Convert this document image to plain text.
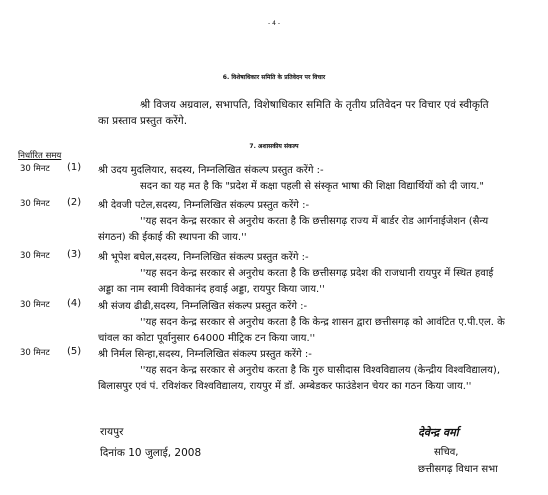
- 4 -
6. विशेषाधिकार समिति के प्रतिवेदन पर विचार
श्री विजय अग्रवाल, सभापति, विशेषाधिकार समिति के तृतीय प्रतिवेदन पर विचार एवं स्वीकृति
का प्रस्ताव प्रस्तुत करेंगे.
7. अशासकीय संकल्प
निर्धारित समय
30 मिनट (1) श्री उदय मुदलियार, सदस्य, निम्नलिखित संकल्प प्रस्तुत करेंगे :-
सदन का यह मत है कि "प्रदेश में कक्षा पहली से संस्कृत भाषा की शिक्षा विद्यार्थियों को दी जाय."
30 मिनट (2) श्री देवजी पटेल,सदस्य, निम्नलिखित संकल्प प्रस्तुत करेंगे :-
''यह सदन केन्द्र सरकार से अनुरोध करता है कि छत्तीसगढ़ राज्य में बार्डर रोड आर्गनाईजेशन (सैन्य
संगठन) की ईकाई की स्थापना की जाय.''
30 मिनट (3) श्री भूपेश बघेल,सदस्य, निम्नलिखित संकल्प प्रस्तुत करेंगे :-
''यह सदन केन्द्र सरकार से अनुरोध करता है कि छत्तीसगढ़ प्रदेश की राजधानी रायपुर में स्थित हवाई
अड्डा का नाम स्वामी विवेकानंद हवाई अड्डा, रायपुर किया जाय.''
30 मिनट (4) श्री संजय ढीढी,सदस्य, निम्नलिखित संकल्प प्रस्तुत करेंगे :-
''यह सदन केन्द्र सरकार से अनुरोध करता है कि केन्द्र शासन द्वारा छत्तीसगढ़ को आवंटित ए.पी.एल. के
चांवल का कोटा पूर्वानुसार 64000 मीट्रिक टन किया जाय.''
30 मिनट (5) श्री निर्मल सिन्हा,सदस्य, निम्नलिखित संकल्प प्रस्तुत करेंगे :-
''यह सदन केन्द्र सरकार से अनुरोध करता है कि गुरु घासीदास विश्वविद्यालय (केन्द्रीय विश्वविद्यालय),
बिलासपुर एवं पं. रविशंकर विश्वविद्यालय, रायपुर में डॉ. अम्बेडकर फाउंडेशन चेयर का गठन किया जाय.''
रायपुर
दिनांक 10 जुलाई, 2008
देवेन्द्र वर्मा
सचिव,
छत्तीसगढ़ विधान सभा
